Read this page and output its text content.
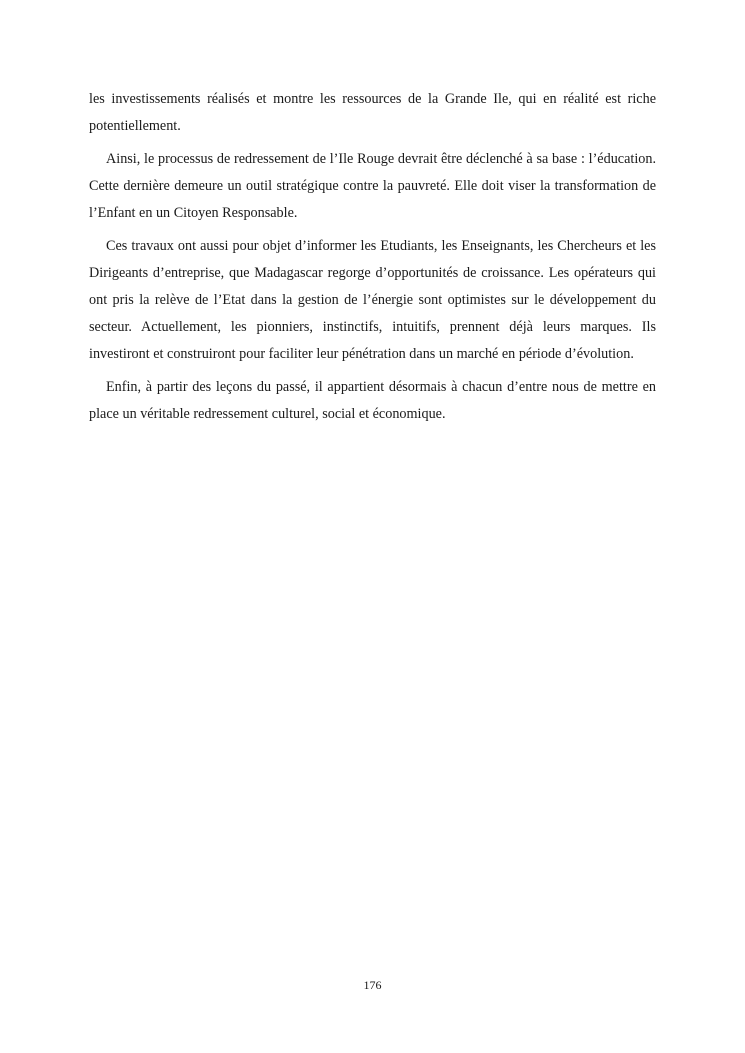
les investissements réalisés et montre les ressources de la Grande Ile, qui en réalité est riche potentiellement.

Ainsi, le processus de redressement de l’Ile Rouge devrait être déclenché à sa base : l’éducation. Cette dernière demeure un outil stratégique contre la pauvreté. Elle doit viser la transformation de l’Enfant en un Citoyen Responsable.

Ces travaux ont aussi pour objet d’informer les Etudiants, les Enseignants, les Chercheurs et les Dirigeants d’entreprise, que Madagascar regorge d’opportunités de croissance. Les opérateurs qui ont pris la relève de l’Etat dans la gestion de l’énergie sont optimistes sur le développement du secteur. Actuellement, les pionniers, instinctifs, intuitifs, prennent déjà leurs marques. Ils investiront et construiront pour faciliter leur pénétration dans un marché en période d’évolution.

Enfin, à partir des leçons du passé, il appartient désormais à chacun d’entre nous de mettre en place un véritable redressement culturel, social et économique.

176
